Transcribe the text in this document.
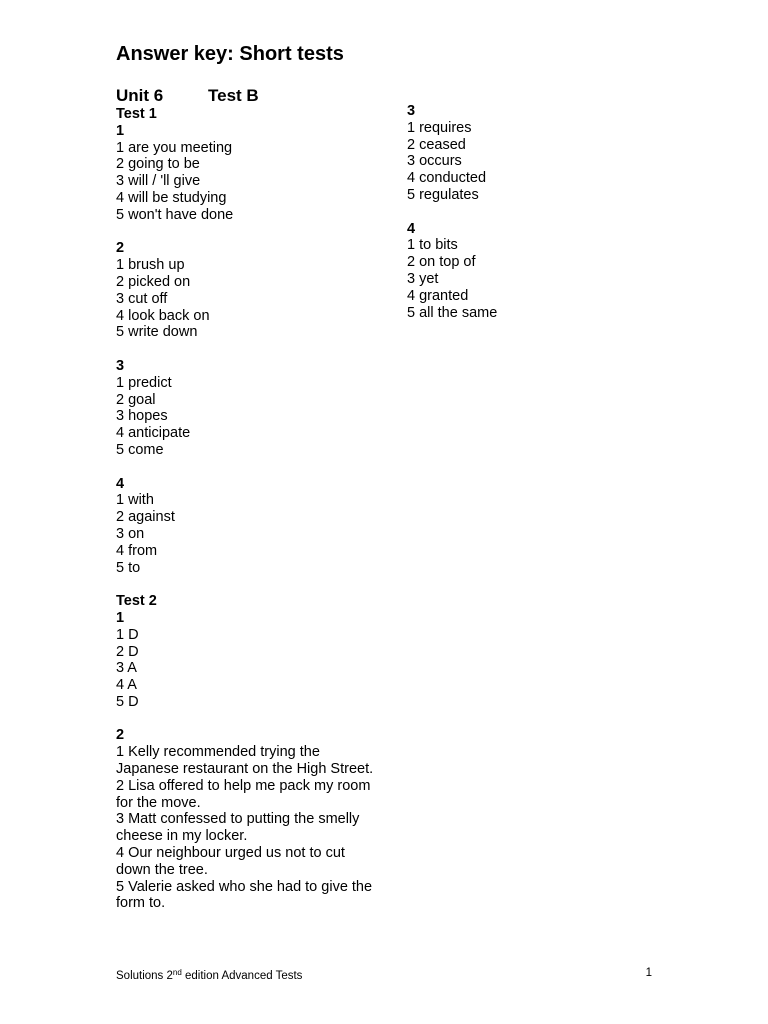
Answer key: Short tests
Unit 6	Test B

Test 1

1

1 are you meeting

2 going to be

3 will / 'll give

4 will be studying

5 won't have done

2

1 brush up

2 picked on

3 cut off

4 look back on

5 write down

3

1 predict

2 goal

3 hopes

4 anticipate

5 come

4

1 with

2 against

3 on

4 from

5 to

Test 2

1

1 D

2 D

3 A

4 A

5 D

2

1 Kelly recommended trying the Japanese restaurant on the High Street.

2 Lisa offered to help me pack my room for the move.

3 Matt confessed to putting the smelly cheese in my locker.

4 Our neighbour urged us not to cut down the tree.

5 Valerie asked who she had to give the form to.

3

1 requires

2 ceased

3 occurs

4 conducted

5 regulates

4

1 to bits

2 on top of

3 yet

4 granted

5 all the same

Solutions 2nd edition Advanced Tests	1
